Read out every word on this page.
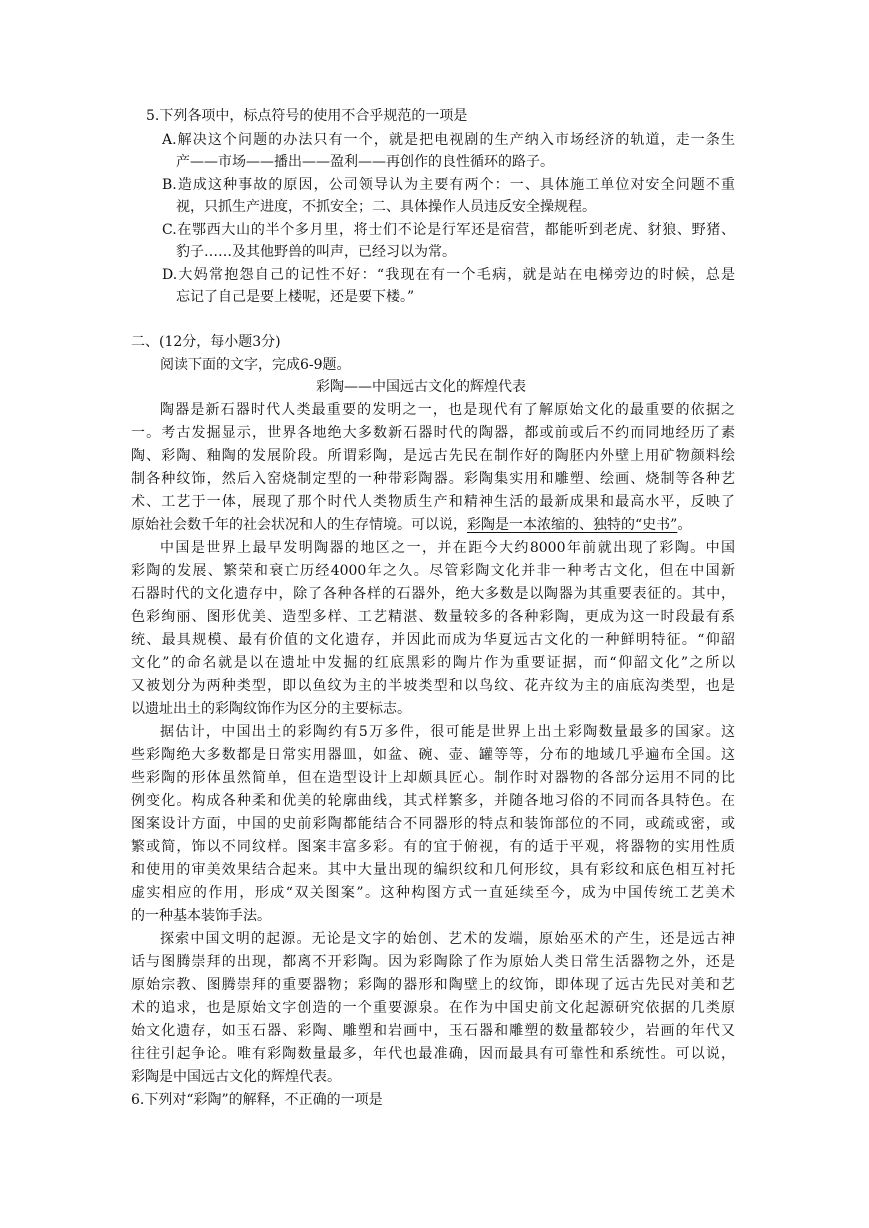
5.下列各项中，标点符号的使用不合乎规范的一项是
A.解决这个问题的办法只有一个，就是把电视剧的生产纳入市场经济的轨道，走一条生
产——市场——播出——盈利——再创作的良性循环的路子。
B.造成这种事故的原因，公司领导认为主要有两个：一、具体施工单位对安全问题不重
视，只抓生产进度，不抓安全；二、具体操作人员违反安全操规程。
C.在鄂西大山的半个多月里，将士们不论是行军还是宿营，都能听到老虎、豺狼、野猪、
豹子……及其他野兽的叫声，已经习以为常。
D.大妈常抱怨自己的记性不好：“我现在有一个毛病，就是站在电梯旁边的时候，总是
忘记了自己是要上楼呢，还是要下楼。”
二、(12分，每小题3分)
阅读下面的文字，完成6-9题。
彩陶——中国远古文化的辉煌代表
陶器是新石器时代人类最重要的发明之一，也是现代有了解原始文化的最重要的依据之
一。考古发掘显示，世界各地绝大多数新石器时代的陶器，都或前或后不约而同地经历了素
陶、彩陶、釉陶的发展阶段。所谓彩陶，是远古先民在制作好的陶胚内外壁上用矿物颜料绘
制各种纹饰，然后入窑烧制定型的一种带彩陶器。彩陶集实用和雕塑、绘画、烧制等各种艺
术、工艺于一体，展现了那个时代人类物质生产和精神生活的最新成果和最高水平，反映了
原始社会数千年的社会状况和人的生存情境。可以说，彩陶是一本浓缩的、独特的“史书”。
中国是世界上最早发明陶器的地区之一，并在距今大约8000年前就出现了彩陶。中国
彩陶的发展、繁荣和衰亡历经4000年之久。尽管彩陶文化并非一种考古文化，但在中国新
石器时代的文化遗存中，除了各种各样的石器外，绝大多数是以陶器为其重要表征的。其中，
色彩绚丽、图形优美、造型多样、工艺精湛、数量较多的各种彩陶，更成为这一时段最有系
统、最具规模、最有价值的文化遗存，并因此而成为华夏远古文化的一种鲜明特征。“仰韶
文化”的命名就是以在遗址中发掘的红底黑彩的陶片作为重要证据，而“仰韶文化”之所以
又被划分为两种类型，即以鱼纹为主的半坡类型和以鸟纹、花卉纹为主的庙底沟类型，也是
以遗址出土的彩陶纹饰作为区分的主要标志。
据估计，中国出土的彩陶约有5万多件，很可能是世界上出土彩陶数量最多的国家。这
些彩陶绝大多数都是日常实用器皿，如盆、碗、壶、罐等等，分布的地域几乎遍布全国。这
些彩陶的形体虽然简单，但在造型设计上却颇具匠心。制作时对器物的各部分运用不同的比
例变化。构成各种柔和优美的轮廓曲线，其式样繁多，并随各地习俗的不同而各具特色。在
图案设计方面，中国的史前彩陶都能结合不同器形的特点和装饰部位的不同，或疏或密，或
繁或简，饰以不同纹样。图案丰富多彩。有的宜于俯视，有的适于平观，将器物的实用性质
和使用的审美效果结合起来。其中大量出现的编织纹和几何形纹，具有彩纹和底色相互衬托
虚实相应的作用，形成“双关图案”。这种构图方式一直延续至今，成为中国传统工艺美术
的一种基本装饰手法。
探索中国文明的起源。无论是文字的始创、艺术的发端，原始巫术的产生，还是远古神
话与图腾崇拜的出现，都离不开彩陶。因为彩陶除了作为原始人类日常生活器物之外，还是
原始宗教、图腾崇拜的重要器物；彩陶的器形和陶壁上的纹饰，即体现了远古先民对美和艺
术的追求，也是原始文字创造的一个重要源泉。在作为中国史前文化起源研究依据的几类原
始文化遗存，如玉石器、彩陶、雕塑和岩画中，玉石器和雕塑的数量都较少，岩画的年代又
往往引起争论。唯有彩陶数量最多，年代也最准确，因而最具有可靠性和系统性。可以说，
彩陶是中国远古文化的辉煌代表。
6.下列对“彩陶”的解释，不正确的一项是
